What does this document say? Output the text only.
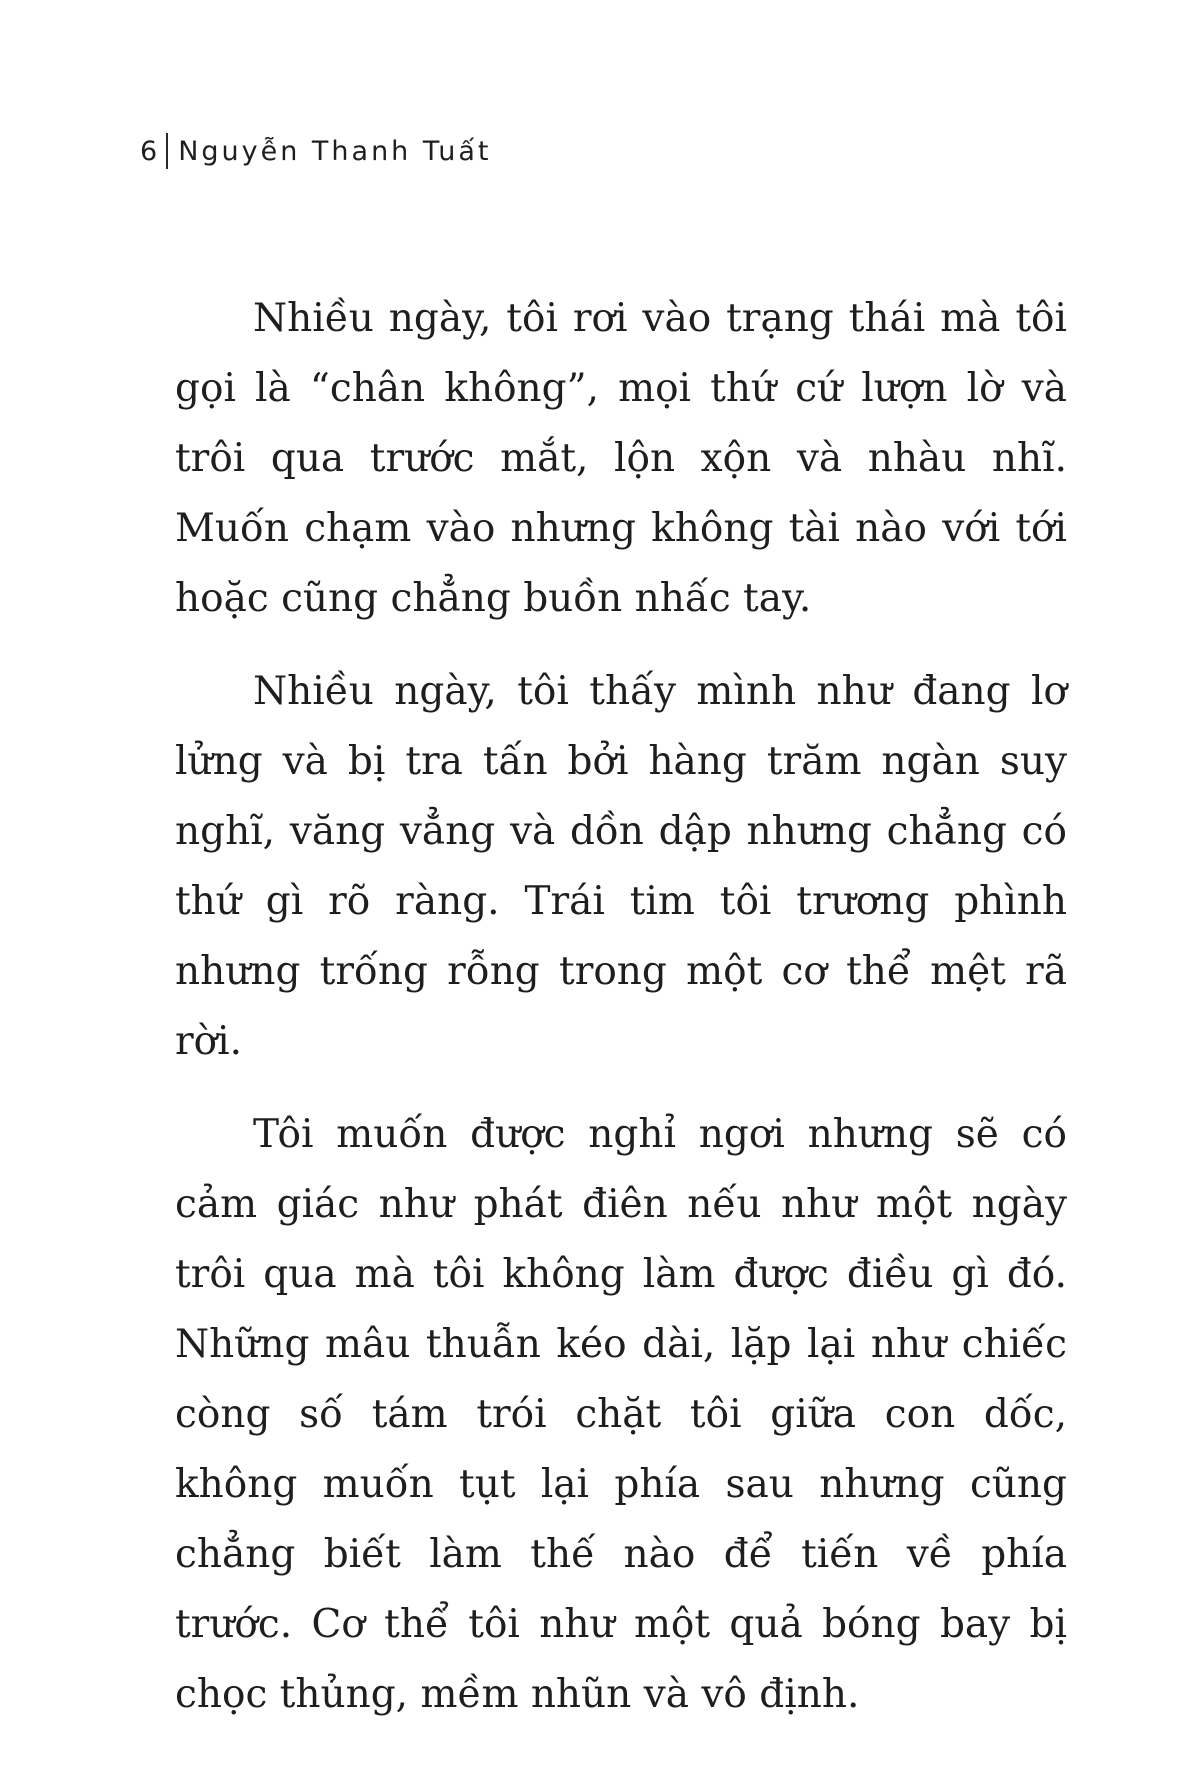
6 Nguyễn Thanh Tuất

Nhiều ngày, tôi rơi vào trạng thái mà tôi gọi là “chân không”, mọi thứ cứ lượn lờ và trôi qua trước mắt, lộn xộn và nhàu nhĩ. Muốn chạm vào nhưng không tài nào với tới hoặc cũng chẳng buồn nhấc tay.

Nhiều ngày, tôi thấy mình như đang lơ lửng và bị tra tấn bởi hàng trăm ngàn suy nghĩ, văng vẳng và dồn dập nhưng chẳng có thứ gì rõ ràng. Trái tim tôi trương phình nhưng trống rỗng trong một cơ thể mệt rã rời.

Tôi muốn được nghỉ ngơi nhưng sẽ có cảm giác như phát điên nếu như một ngày trôi qua mà tôi không làm được điều gì đó. Những mâu thuẫn kéo dài, lặp lại như chiếc còng số tám trói chặt tôi giữa con dốc, không muốn tụt lại phía sau nhưng cũng chẳng biết làm thế nào để tiến về phía trước. Cơ thể tôi như một quả bóng bay bị chọc thủng, mềm nhũn và vô định.
